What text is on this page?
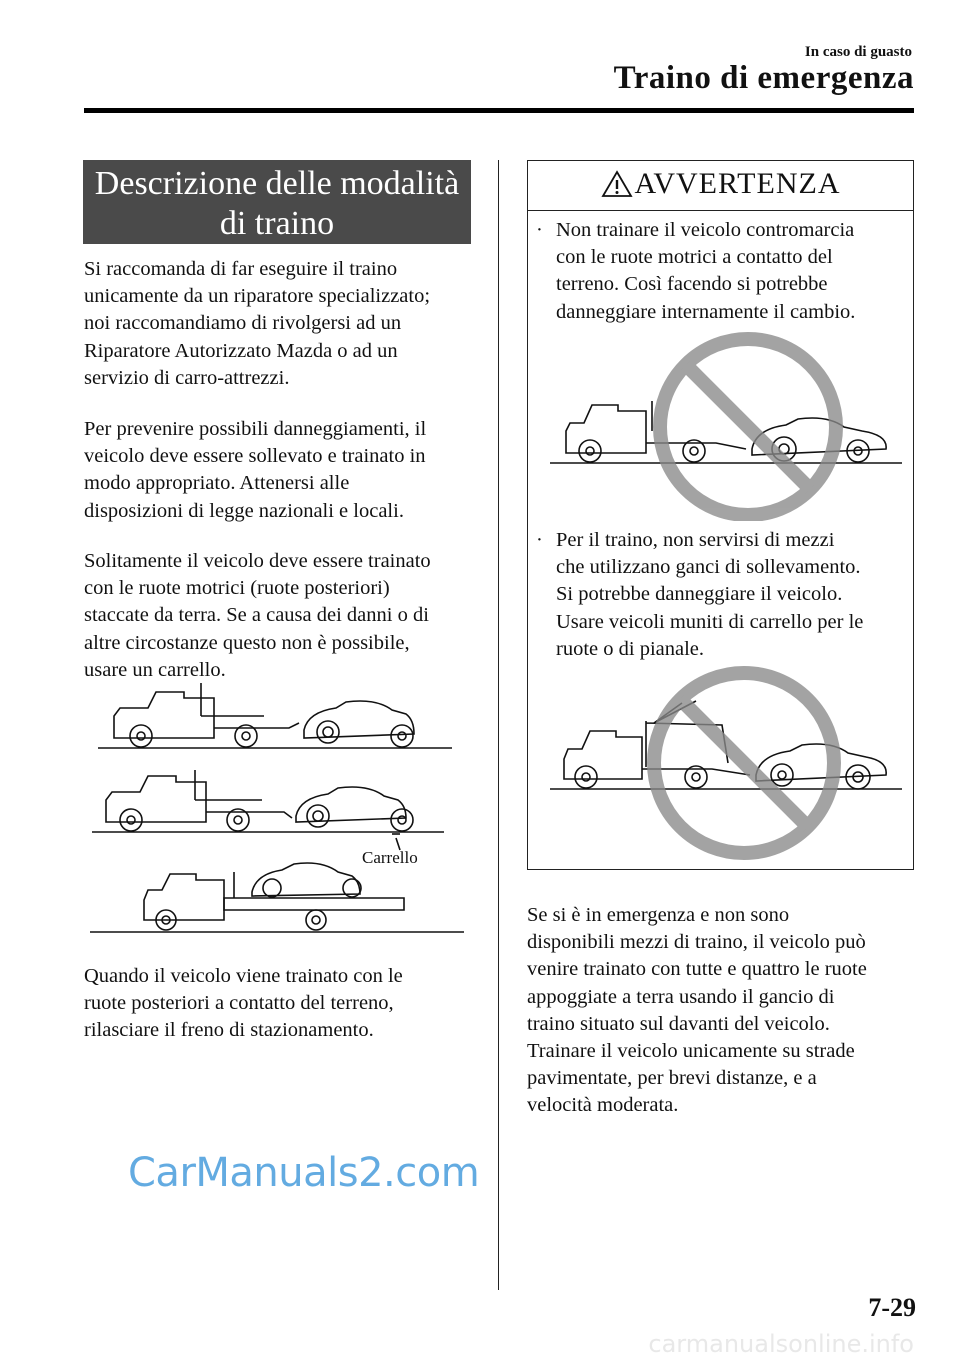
In caso di guasto
Traino di emergenza
Descrizione delle modalità
di traino

Si raccomanda di far eseguire il traino

unicamente da un riparatore specializzato;

noi raccomandiamo di rivolgersi ad un

Riparatore Autorizzato Mazda o ad un

servizio di carro-attrezzi.

Per prevenire possibili danneggiamenti, il

veicolo deve essere sollevato e trainato in

modo appropriato. Attenersi alle

disposizioni di legge nazionali e locali.

Solitamente il veicolo deve essere trainato

con le ruote motrici (ruote posteriori)

staccate da terra. Se a causa dei danni o di

altre circostanze questo non è possibile,

usare un carrello.

Carrello

Quando il veicolo viene trainato con le

ruote posteriori a contatto del terreno,

rilasciare il freno di stazionamento.

AVVERTENZA
· Non trainare il veicolo contromarcia
con le ruote motrici a contatto del
terreno. Così facendo si potrebbe
danneggiare internamente il cambio.
· Per il traino, non servirsi di mezzi
che utilizzano ganci di sollevamento.
Si potrebbe danneggiare il veicolo.
Usare veicoli muniti di carrello per le
ruote o di pianale.

Se si è in emergenza e non sono

disponibili mezzi di traino, il veicolo può

venire trainato con tutte e quattro le ruote

appoggiate a terra usando il gancio di

traino situato sul davanti del veicolo.

Trainare il veicolo unicamente su strade

pavimentate, per brevi distanze, e a

velocità moderata.

CarManuals2.com
7-29
carmanualsonline.info
